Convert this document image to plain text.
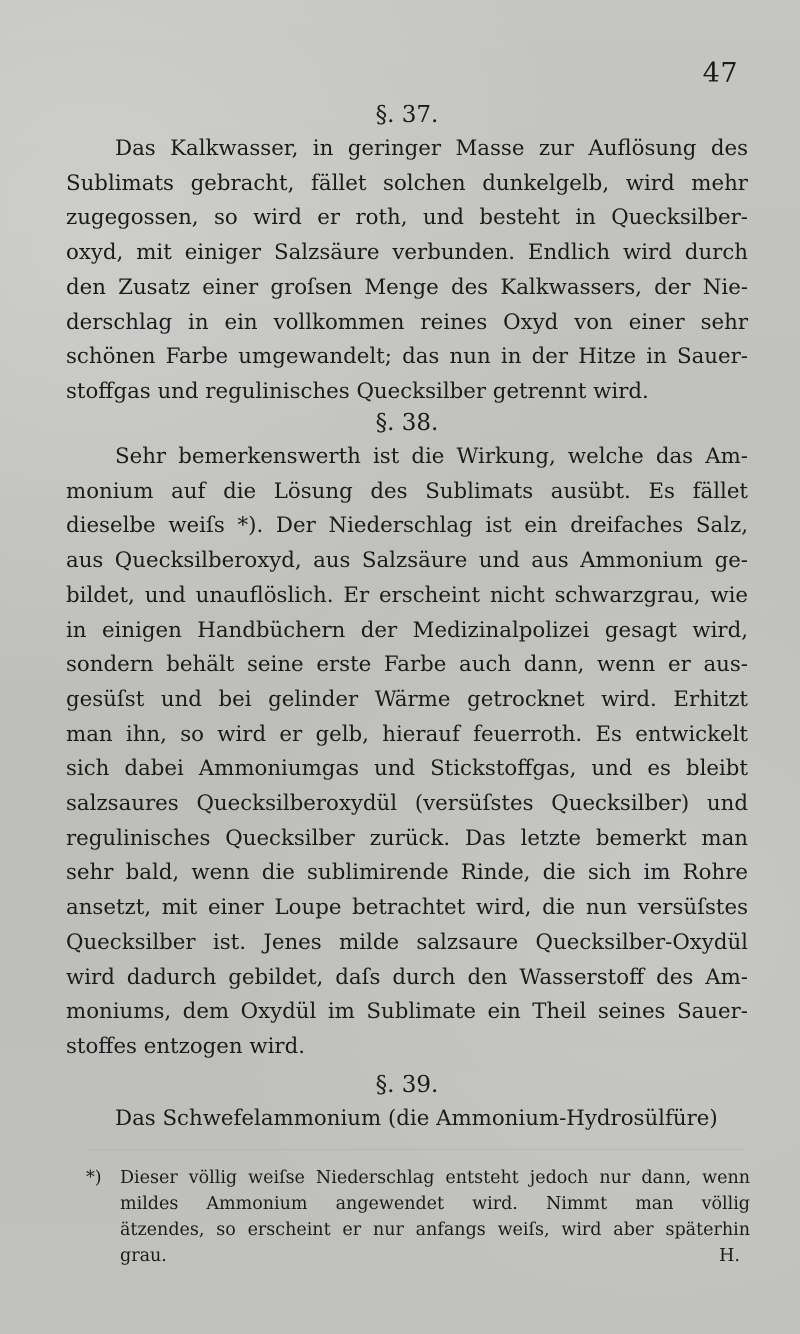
47

§. 37.

Das Kalkwasser, in geringer Masse zur Auflösung des

Sublimats gebracht, fället solchen dunkelgelb, wird mehr

zugegossen, so wird er roth, und besteht in Quecksilber-

oxyd, mit einiger Salzsäure verbunden. Endlich wird durch

den Zusatz einer groſsen Menge des Kalkwassers, der Nie-

derschlag in ein vollkommen reines Oxyd von einer sehr

schönen Farbe umgewandelt; das nun in der Hitze in Sauer-

stoffgas und regulinisches Quecksilber getrennt wird.

§. 38.

Sehr bemerkenswerth ist die Wirkung, welche das Am-

monium auf die Lösung des Sublimats ausübt. Es fället

dieselbe weiſs *). Der Niederschlag ist ein dreifaches Salz,

aus Quecksilberoxyd, aus Salzsäure und aus Ammonium ge-

bildet, und unauflöslich. Er erscheint nicht schwarzgrau, wie

in einigen Handbüchern der Medizinalpolizei gesagt wird,

sondern behält seine erste Farbe auch dann, wenn er aus-

gesüſst und bei gelinder Wärme getrocknet wird. Erhitzt

man ihn, so wird er gelb, hierauf feuerroth. Es entwickelt

sich dabei Ammoniumgas und Stickstoffgas, und es bleibt

salzsaures Quecksilberoxydül (versüſstes Quecksilber) und

regulinisches Quecksilber zurück. Das letzte bemerkt man

sehr bald, wenn die sublimirende Rinde, die sich im Rohre

ansetzt, mit einer Loupe betrachtet wird, die nun versüſstes

Quecksilber ist. Jenes milde salzsaure Quecksilber-Oxydül

wird dadurch gebildet, daſs durch den Wasserstoff des Am-

moniums, dem Oxydül im Sublimate ein Theil seines Sauer-

stoffes entzogen wird.

§. 39.

Das Schwefelammonium (die Ammonium-Hydrosülfüre)

*) Dieser völlig weiſse Niederschlag entsteht jedoch nur dann, wenn

mildes Ammonium angewendet wird. Nimmt man völlig

ätzendes, so erscheint er nur anfangs weiſs, wird aber späterhin

grau.	H.
